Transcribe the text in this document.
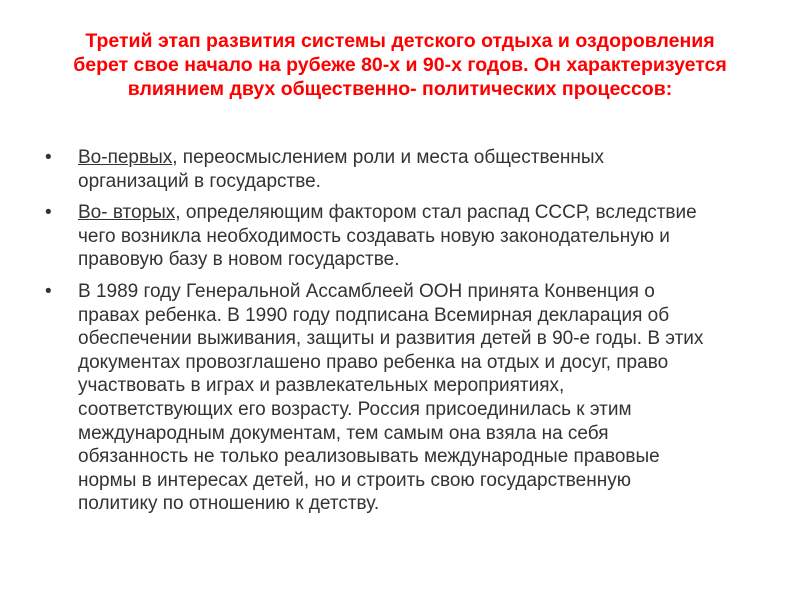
Третий этап развития системы детского отдыха и оздоровления
берет свое начало на рубеже 80-х и 90-х годов. Он характеризуется
влиянием двух общественно- политических процессов:
•	Во-первых, переосмыслением роли и места общественных
организаций в государстве.
•	Во- вторых, определяющим фактором стал распад СССР, вследствие
чего возникла необходимость создавать новую законодательную и
правовую базу в новом государстве.
•	В 1989 году Генеральной Ассамблеей ООН принята Конвенция о
правах ребенка. В 1990 году подписана Всемирная декларация об
обеспечении выживания, защиты и развития детей в 90-е годы. В этих
документах провозглашено право ребенка на отдых и досуг, право
участвовать в играх и развлекательных мероприятиях,
соответствующих его возрасту. Россия присоединилась к этим
международным документам, тем самым она взяла на себя
обязанность не только реализовывать международные правовые
нормы в интересах детей, но и строить свою государственную
политику по отношению к детству.
